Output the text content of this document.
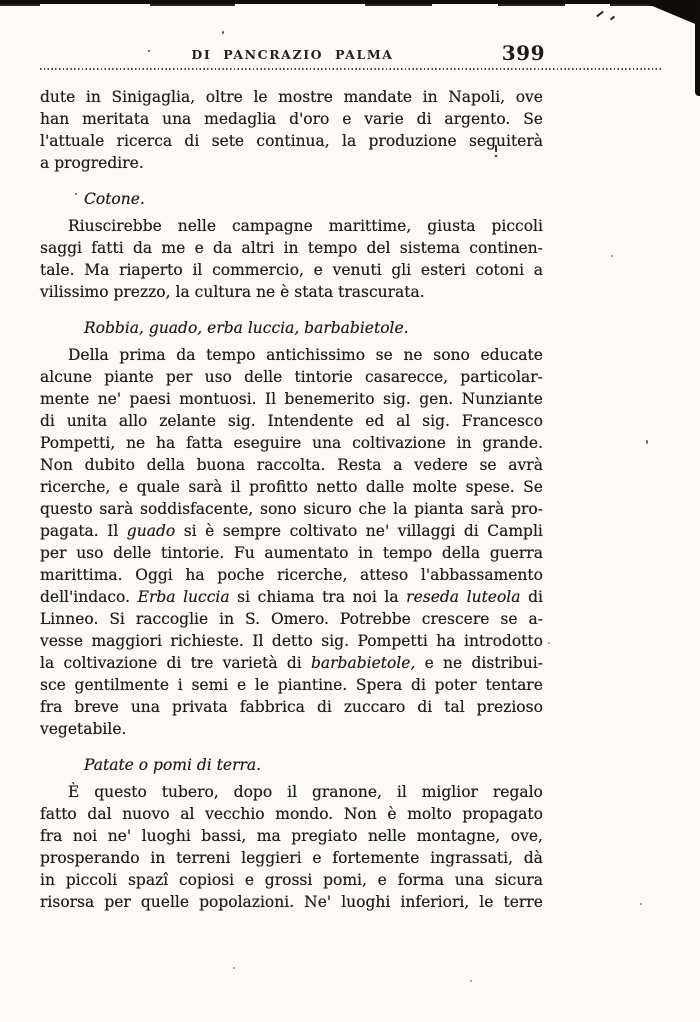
DI PANCRAZIO PALMA	399
dute in Sinigaglia, oltre le mostre mandate in Napoli, ove
han meritata una medaglia d'oro e varie di argento. Se
l'attuale ricerca di sete continua, la produzione seguiterà
a progredire.
Cotone.
Riuscirebbe nelle campagne marittime, giusta piccoli
saggi fatti da me e da altri in tempo del sistema continen-
tale. Ma riaperto il commercio, e venuti gli esteri cotoni a
vilissimo prezzo, la cultura ne è stata trascurata.
Robbia, guado, erba luccia, barbabietole.
Della prima da tempo antichissimo se ne sono educate
alcune piante per uso delle tintorie casarecce, particolar-
mente ne' paesi montuosi. Il benemerito sig. gen. Nunziante
di unita allo zelante sig. Intendente ed al sig. Francesco
Pompetti, ne ha fatta eseguire una coltivazione in grande.
Non dubito della buona raccolta. Resta a vedere se avrà
ricerche, e quale sarà il profitto netto dalle molte spese. Se
questo sarà soddisfacente, sono sicuro che la pianta sarà pro-
pagata. Il guado si è sempre coltivato ne' villaggi di Campli
per uso delle tintorie. Fu aumentato in tempo della guerra
marittima. Oggi ha poche ricerche, atteso l'abbassamento
dell'indaco. Erba luccia si chiama tra noi la reseda luteola di
Linneo. Si raccoglie in S. Omero. Potrebbe crescere se a-
vesse maggiori richieste. Il detto sig. Pompetti ha introdotto
la coltivazione di tre varietà di barbabietole, e ne distribui-
sce gentilmente i semi e le piantine. Spera di poter tentare
fra breve una privata fabbrica di zuccaro di tal prezioso
vegetabile.
Patate o pomi di terra.
È questo tubero, dopo il granone, il miglior regalo
fatto dal nuovo al vecchio mondo. Non è molto propagato
fra noi ne' luoghi bassi, ma pregiato nelle montagne, ove,
prosperando in terreni leggieri e fortemente ingrassati, dà
in piccoli spazî copiosi e grossi pomi, e forma una sicura
risorsa per quelle popolazioni. Ne' luoghi inferiori, le terre
